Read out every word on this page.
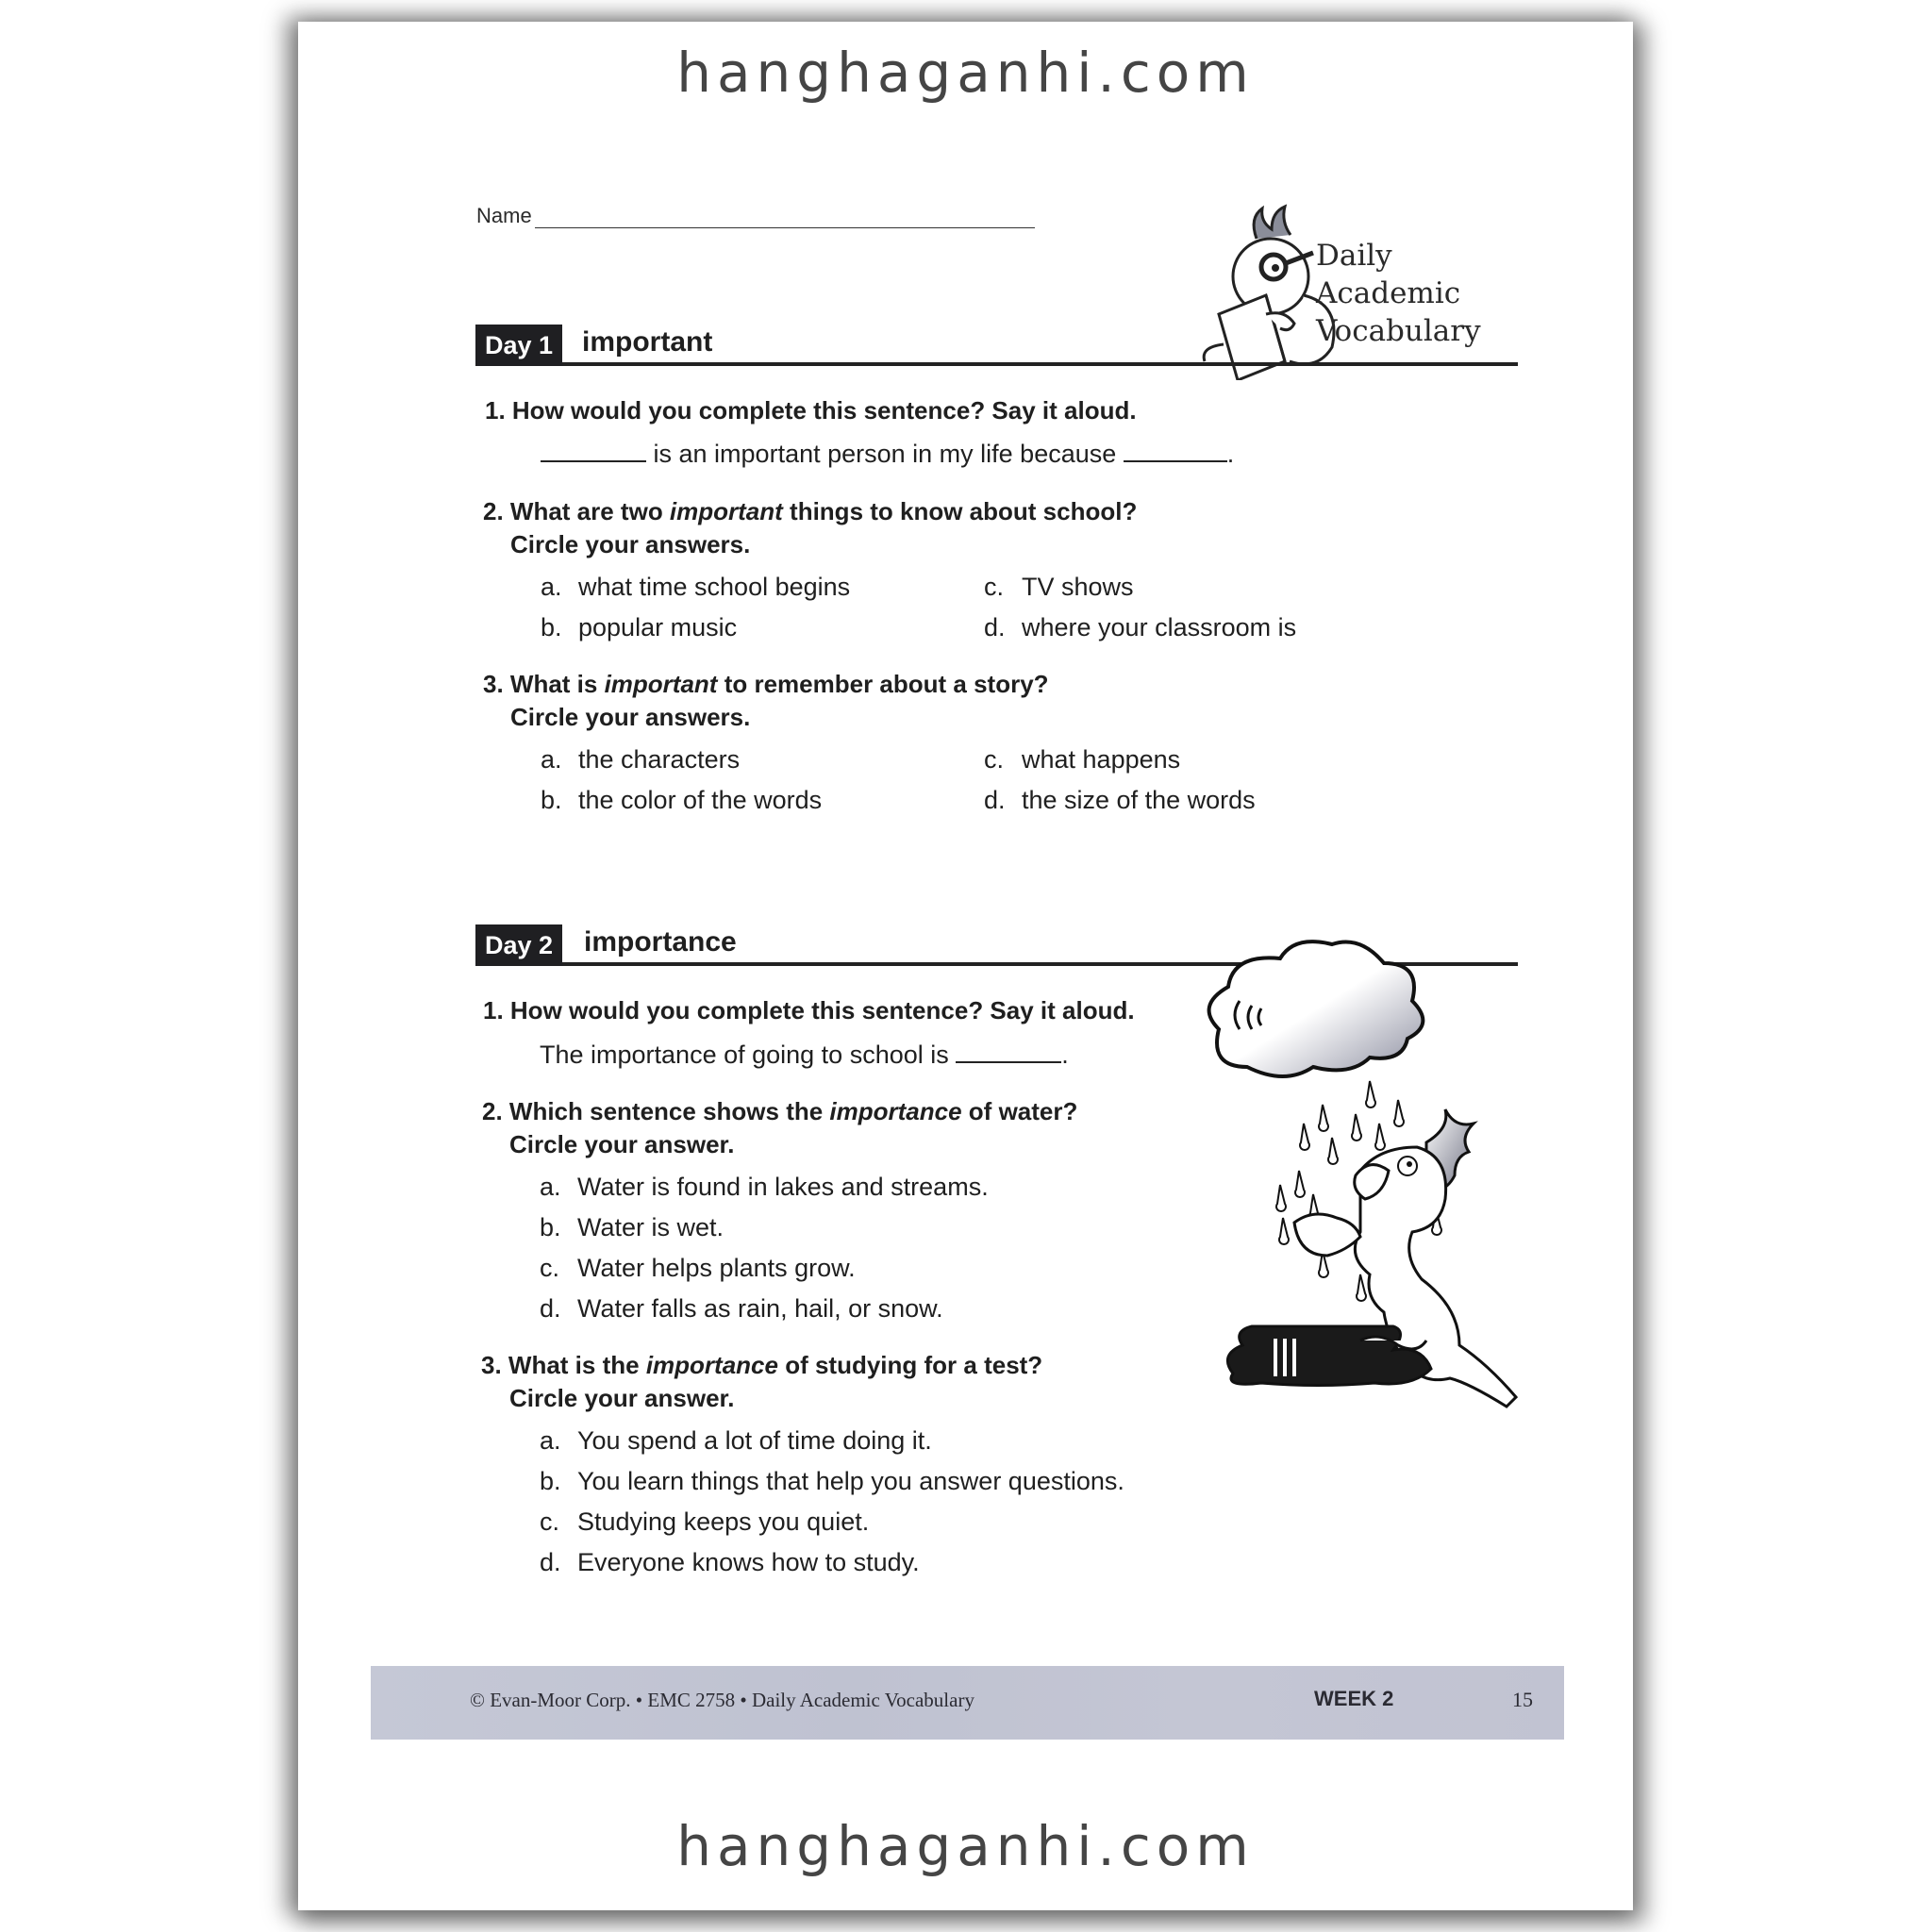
hanghaganhi.com
Name
Daily
Academic
Vocabulary
Day 1	important
1. How would you complete this sentence? Say it aloud.
is an important person in my life because	.
2. What are two important things to know about school?
Circle your answers.
a. what time school begins
b. popular music
c. TV shows
d. where your classroom is
3. What is important to remember about a story?
Circle your answers.
a. the characters
b. the color of the words
c. what happens
d. the size of the words
Day 2	importance
1. How would you complete this sentence? Say it aloud.
The importance of going to school is	.
2. Which sentence shows the importance of water?
Circle your answer.
a. Water is found in lakes and streams.
b. Water is wet.
c. Water helps plants grow.
d. Water falls as rain, hail, or snow.
3. What is the importance of studying for a test?
Circle your answer.
a. You spend a lot of time doing it.
b. You learn things that help you answer questions.
c. Studying keeps you quiet.
d. Everyone knows how to study.
© Evan-Moor Corp. • EMC 2758 • Daily Academic Vocabulary	WEEK 2	15
hanghaganhi.com
